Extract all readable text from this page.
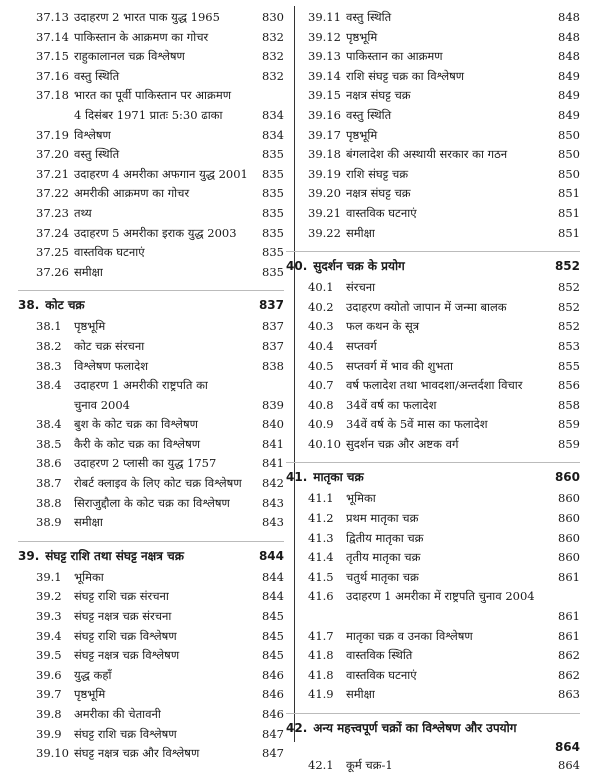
37.13 उदाहरण 2 भारत पाक युद्ध 1965	830
37.14 पाकिस्तान के आक्रमण का गोचर	832
37.15 राहुकालानल चक्र विश्लेषण	832
37.16 वस्तु स्थिति	832
37.18 भारत का पूर्वी पाकिस्तान पर आक्रमण
4 दिसंबर 1971 प्रातः 5:30 ढाका	834
37.19 विश्लेषण	834
37.20 वस्तु स्थिति	835
37.21 उदाहरण 4 अमरीका अफगान युद्ध 2001	835
37.22 अमरीकी आक्रमण का गोचर	835
37.23 तथ्य	835
37.24 उदाहरण 5 अमरीका इराक युद्ध 2003	835
37.25 वास्तविक घटनाएं	835
37.26 समीक्षा	835
38. कोट चक्र	837
38.1	पृष्ठभूमि	837
38.2	कोट चक्र संरचना	837
38.3	विश्लेषण फलादेश	838
38.4	उदाहरण 1 अमरीकी राष्ट्रपति का
चुनाव 2004	839
38.4	बुश के कोट चक्र का विश्लेषण	840
38.5	कैरी के कोट चक्र का विश्लेषण	841
38.6	उदाहरण 2 प्लासी का युद्ध 1757	841
38.7	रोबर्ट क्लाइव के लिए कोट चक्र विश्लेषण	842
38.8	सिराजुद्दौला के कोट चक्र का विश्लेषण	843
38.9	समीक्षा	843
39. संघट्ट राशि तथा संघट्ट नक्षत्र चक्र	844
39.1	भूमिका	844
39.2	संघट्ट राशि चक्र संरचना	844
39.3	संघट्ट नक्षत्र चक्र संरचना	845
39.4	संघट्ट राशि चक्र विश्लेषण	845
39.5	संघट्ट नक्षत्र चक्र विश्लेषण	845
39.6	युद्ध कहाँ	846
39.7	पृष्ठभूमि	846
39.8	अमरीका की चेतावनी	846
39.9	संघट्ट राशि चक्र विश्लेषण	847
39.10 संघट्ट नक्षत्र चक्र और विश्लेषण	847
39.11 वस्तु स्थिति	848
39.12 पृष्ठभूमि	848
39.13 पाकिस्तान का आक्रमण	848
39.14 राशि संघट्ट चक्र का विश्लेषण	849
39.15 नक्षत्र संघट्ट चक्र	849
39.16 वस्तु स्थिति	849
39.17 पृष्ठभूमि	850
39.18 बंगलादेश की अस्थायी सरकार का गठन	850
39.19 राशि संघट्ट चक्र	850
39.20 नक्षत्र संघट्ट चक्र	851
39.21 वास्तविक घटनाएं	851
39.22 समीक्षा	851
40. सुदर्शन चक्र के प्रयोग	852
40.1	संरचना	852
40.2	उदाहरण क्योतो जापान में जन्मा बालक	852
40.3	फल कथन के सूत्र	852
40.4	सप्तवर्ग	853
40.5	सप्तवर्ग में भाव की शुभता	855
40.7	वर्ष फलादेश तथा भावदशा/अन्तर्दशा विचार	856
40.8	34वें वर्ष का फलादेश	858
40.9	34वें वर्ष के 5वें मास का फलादेश	859
40.10 सुदर्शन चक्र और अष्टक वर्ग	859
41. मातृका चक्र	860
41.1	भूमिका	860
41.2	प्रथम मातृका चक्र	860
41.3	द्वितीय मातृका चक्र	860
41.4	तृतीय मातृका चक्र	860
41.5	चतुर्थ मातृका चक्र	861
41.6	उदाहरण 1 अमरीका में राष्ट्रपति चुनाव 2004
861
41.7	मातृका चक्र व उनका विश्लेषण	861
41.8	वास्तविक स्थिति	862
41.8	वास्तविक घटनाएं	862
41.9	समीक्षा	863
42. अन्य महत्त्वपूर्ण चक्रों का विश्लेषण और उपयोग
864
42.1	कूर्म चक्र-1	864
